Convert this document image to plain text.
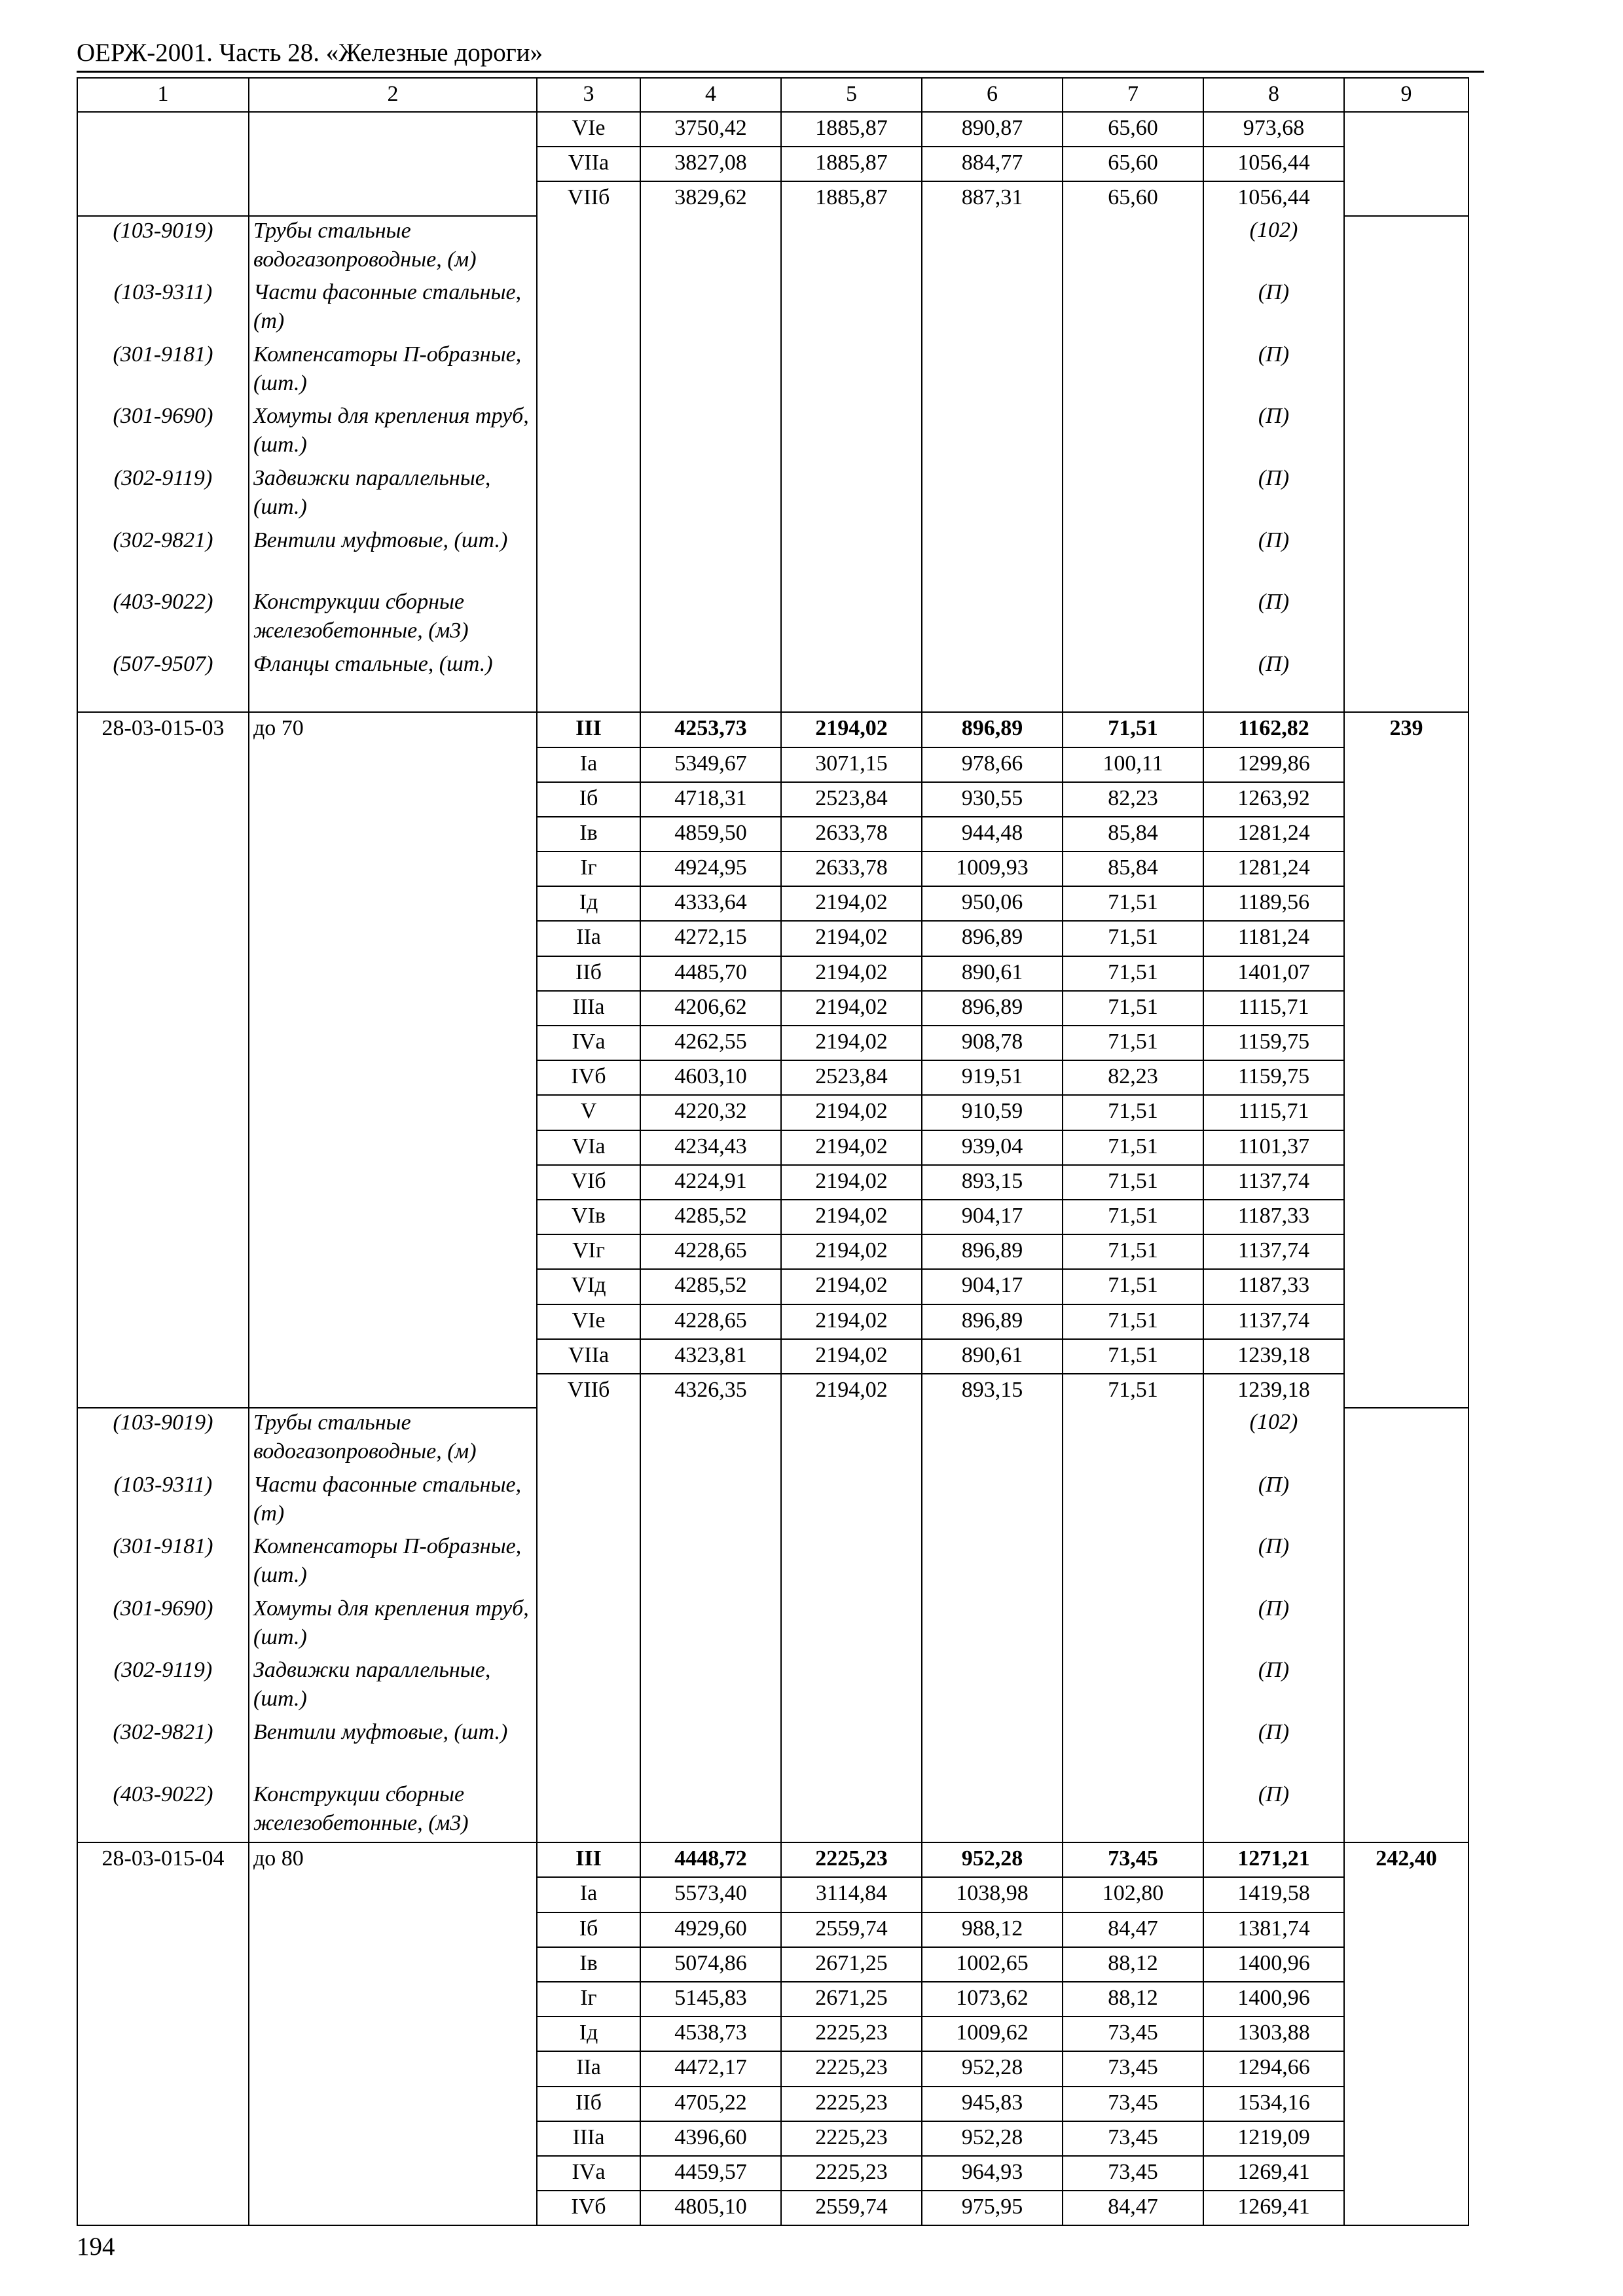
ОЕРЖ-2001. Часть 28. «Железные дороги»
1	2	3	4	5	6	7	8	9
		VIе	3750,42	1885,87	890,87	65,60	973,68	
		VIIа	3827,08	1885,87	884,77	65,60	1056,44	
		VIIб	3829,62	1885,87	887,31	65,60	1056,44	
(103-9019)	Трубы стальные водогазопроводные, (м)						(102)	
(103-9311)	Части фасонные стальные, (т)						(П)	
(301-9181)	Компенсаторы П-образные, (шт.)						(П)	
(301-9690)	Хомуты для крепления труб, (шт.)						(П)	
(302-9119)	Задвижки параллельные, (шт.)						(П)	
(302-9821)	Вентили муфтовые, (шт.)						(П)	
(403-9022)	Конструкции сборные железобетонные, (м3)						(П)	
(507-9507)	Фланцы стальные, (шт.)						(П)	
28-03-015-03	до 70	III	4253,73	2194,02	896,89	71,51	1162,82	239
		Iа	5349,67	3071,15	978,66	100,11	1299,86	
		Iб	4718,31	2523,84	930,55	82,23	1263,92	
		Iв	4859,50	2633,78	944,48	85,84	1281,24	
		Iг	4924,95	2633,78	1009,93	85,84	1281,24	
		Iд	4333,64	2194,02	950,06	71,51	1189,56	
		IIа	4272,15	2194,02	896,89	71,51	1181,24	
		IIб	4485,70	2194,02	890,61	71,51	1401,07	
		IIIа	4206,62	2194,02	896,89	71,51	1115,71	
		IVа	4262,55	2194,02	908,78	71,51	1159,75	
		IVб	4603,10	2523,84	919,51	82,23	1159,75	
		V	4220,32	2194,02	910,59	71,51	1115,71	
		VIа	4234,43	2194,02	939,04	71,51	1101,37	
		VIб	4224,91	2194,02	893,15	71,51	1137,74	
		VIв	4285,52	2194,02	904,17	71,51	1187,33	
		VIг	4228,65	2194,02	896,89	71,51	1137,74	
		VIд	4285,52	2194,02	904,17	71,51	1187,33	
		VIе	4228,65	2194,02	896,89	71,51	1137,74	
		VIIа	4323,81	2194,02	890,61	71,51	1239,18	
		VIIб	4326,35	2194,02	893,15	71,51	1239,18	
(103-9019)	Трубы стальные водогазопроводные, (м)						(102)	
(103-9311)	Части фасонные стальные, (т)						(П)	
(301-9181)	Компенсаторы П-образные, (шт.)						(П)	
(301-9690)	Хомуты для крепления труб, (шт.)						(П)	
(302-9119)	Задвижки параллельные, (шт.)						(П)	
(302-9821)	Вентили муфтовые, (шт.)						(П)	
(403-9022)	Конструкции сборные железобетонные, (м3)						(П)	
28-03-015-04	до 80	III	4448,72	2225,23	952,28	73,45	1271,21	242,40
		Iа	5573,40	3114,84	1038,98	102,80	1419,58	
		Iб	4929,60	2559,74	988,12	84,47	1381,74	
		Iв	5074,86	2671,25	1002,65	88,12	1400,96	
		Iг	5145,83	2671,25	1073,62	88,12	1400,96	
		Iд	4538,73	2225,23	1009,62	73,45	1303,88	
		IIа	4472,17	2225,23	952,28	73,45	1294,66	
		IIб	4705,22	2225,23	945,83	73,45	1534,16	
		IIIа	4396,60	2225,23	952,28	73,45	1219,09	
		IVа	4459,57	2225,23	964,93	73,45	1269,41	
		IVб	4805,10	2559,74	975,95	84,47	1269,41	
194
